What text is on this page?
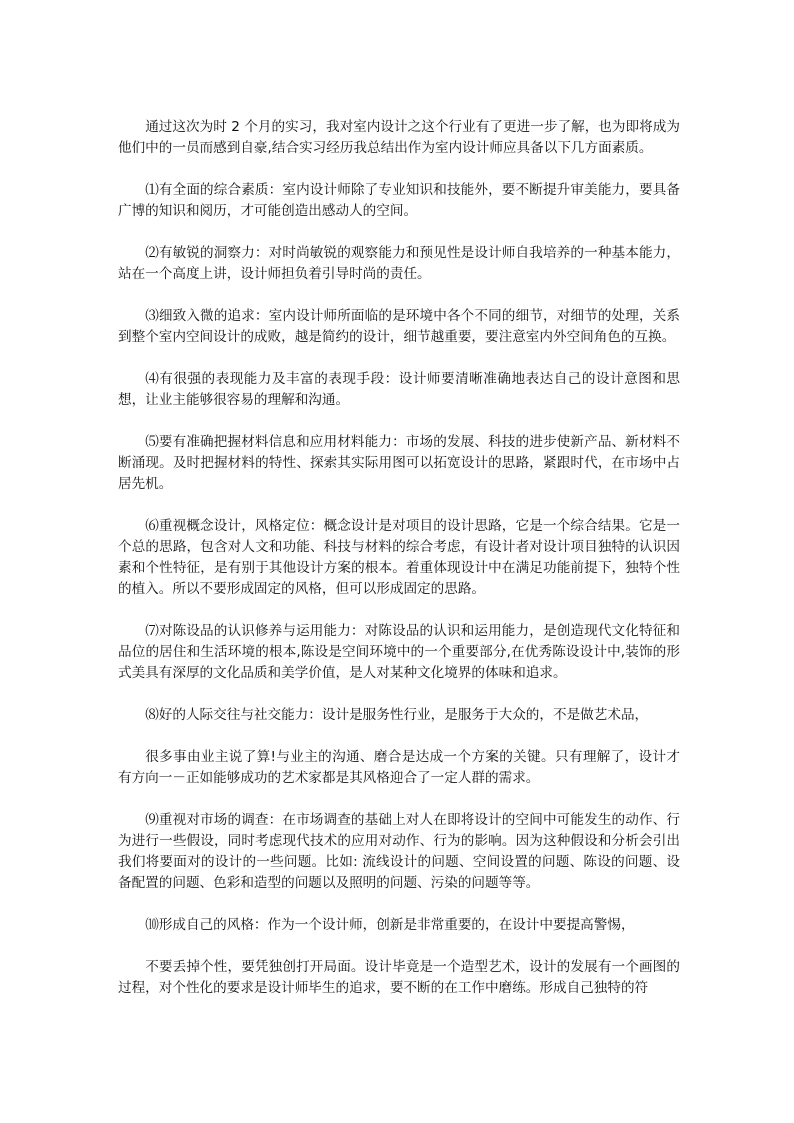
通过这次为时 2 个月的实习，我对室内设计之这个行业有了更进一步了解，也为即将成为他们中的一员而感到自豪,结合实习经历我总结出作为室内设计师应具备以下几方面素质。

⑴有全面的综合素质：室内设计师除了专业知识和技能外，要不断提升审美能力，要具备广博的知识和阅历，才可能创造出感动人的空间。

⑵有敏锐的洞察力：对时尚敏锐的观察能力和预见性是设计师自我培养的一种基本能力，站在一个高度上讲，设计师担负着引导时尚的责任。

⑶细致入微的追求：室内设计师所面临的是环境中各个不同的细节，对细节的处理，关系到整个室内空间设计的成败，越是简约的设计，细节越重要，要注意室内外空间角色的互换。

⑷有很强的表现能力及丰富的表现手段：设计师要清晰准确地表达自己的设计意图和思想，让业主能够很容易的理解和沟通。

⑸要有准确把握材料信息和应用材料能力：市场的发展、科技的进步使新产品、新材料不断涌现。及时把握材料的特性、探索其实际用图可以拓宽设计的思路，紧跟时代，在市场中占居先机。

⑹重视概念设计，风格定位：概念设计是对项目的设计思路，它是一个综合结果。它是一个总的思路，包含对人文和功能、科技与材料的综合考虑，有设计者对设计项目独特的认识因素和个性特征，是有别于其他设计方案的根本。着重体现设计中在满足功能前提下，独特个性的植入。所以不要形成固定的风格，但可以形成固定的思路。

⑺对陈设品的认识修养与运用能力：对陈设品的认识和运用能力，是创造现代文化特征和品位的居住和生活环境的根本,陈设是空间环境中的一个重要部分,在优秀陈设设计中,装饰的形式美具有深厚的文化品质和美学价值，是人对某种文化境界的体味和追求。

⑻好的人际交往与社交能力：设计是服务性行业，是服务于大众的，不是做艺术品，

很多事由业主说了算!与业主的沟通、磨合是达成一个方案的关键。只有理解了，设计才有方向一－正如能够成功的艺术家都是其风格迎合了一定人群的需求。

⑼重视对市场的调查：在市场调查的基础上对人在即将设计的空间中可能发生的动作、行为进行一些假设，同时考虑现代技术的应用对动作、行为的影响。因为这种假设和分析会引出我们将要面对的设计的一些问题。比如: 流线设计的问题、空间设置的问题、陈设的问题、设备配置的问题、色彩和造型的问题以及照明的问题、污染的问题等等。

⑽形成自己的风格：作为一个设计师，创新是非常重要的，在设计中要提高警惕，

不要丢掉个性，要凭独创打开局面。设计毕竟是一个造型艺术，设计的发展有一个画图的过程，对个性化的要求是设计师毕生的追求，要不断的在工作中磨练。形成自己独特的符
